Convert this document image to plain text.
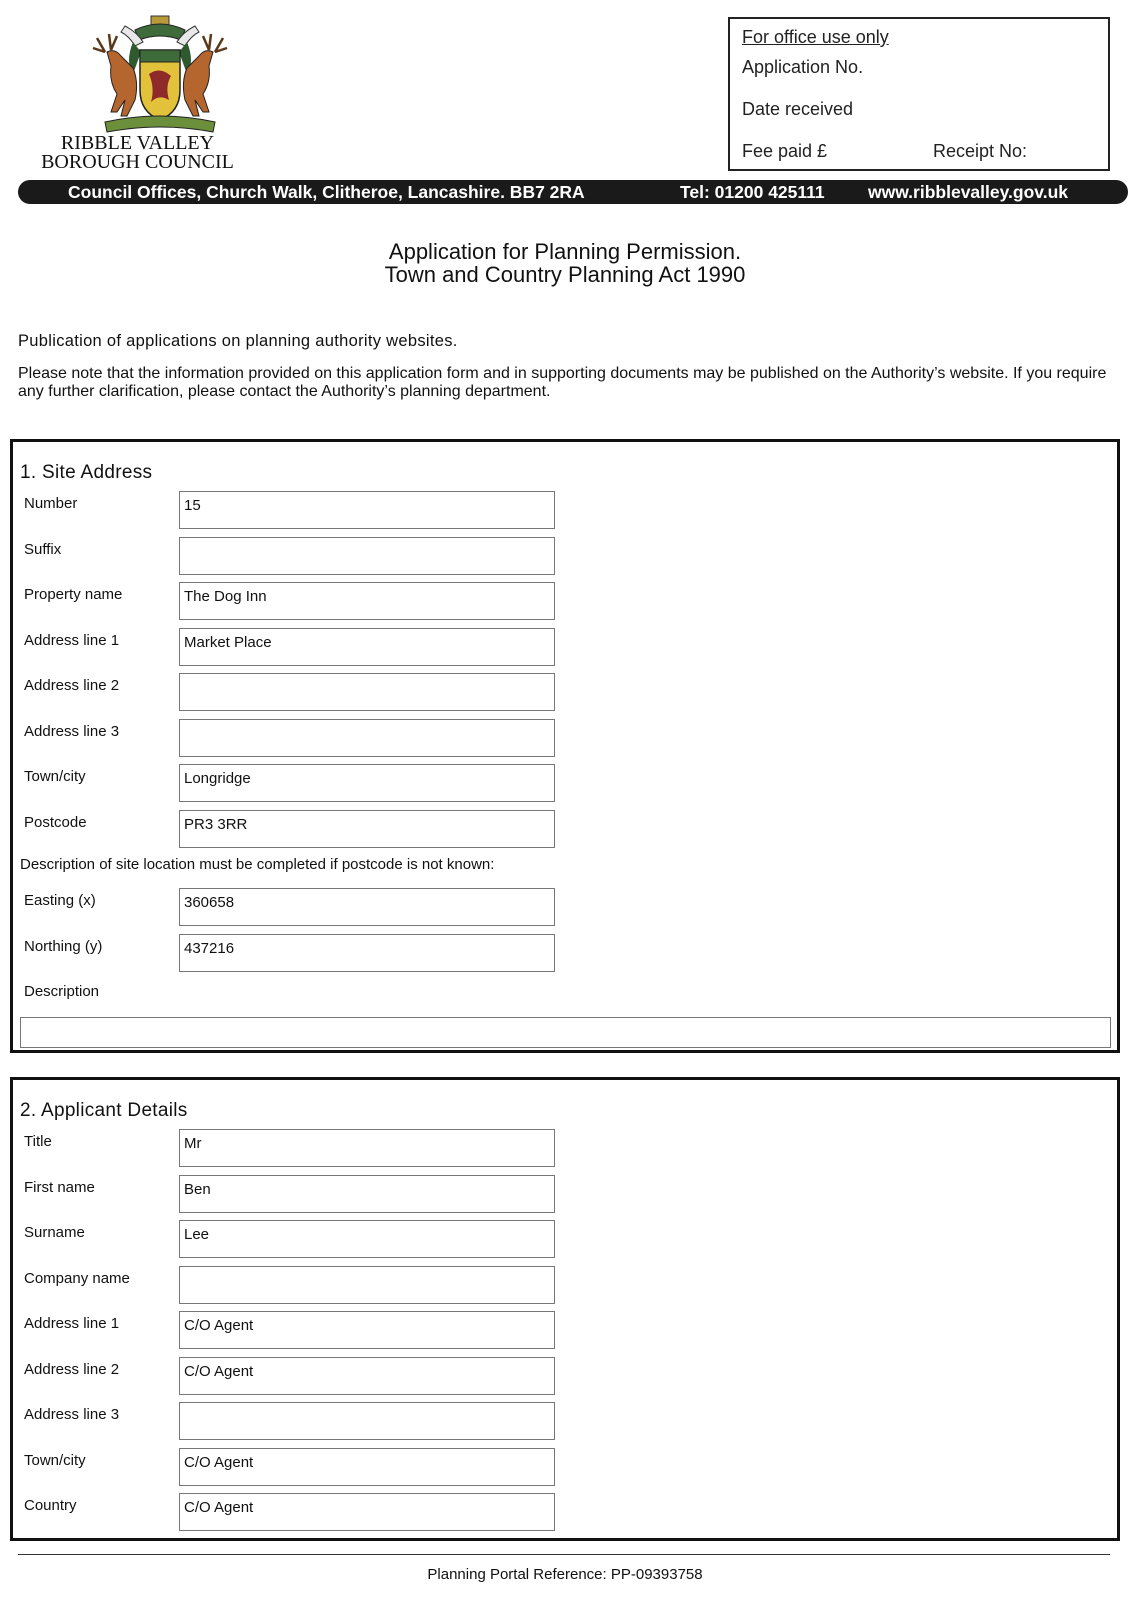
RIBBLE VALLEY
BOROUGH COUNCIL
For office use only
Application No.
Date received
Fee paid £	Receipt No:
Council Offices, Church Walk, Clitheroe, Lancashire. BB7 2RA	Tel: 01200 425111 www.ribblevalley.gov.uk
Application for Planning Permission.
Town and Country Planning Act 1990
Publication of applications on planning authority websites.
Please note that the information provided on this application form and in supporting documents may be published on the Authority’s website. If you require any further clarification, please contact the Authority’s planning department.
1. Site Address
Number	15
Suffix
Property name	The Dog Inn
Address line 1	Market Place
Address line 2
Address line 3
Town/city	Longridge
Postcode	PR3 3RR
Description of site location must be completed if postcode is not known:
Easting (x)	360658
Northing (y)	437216
Description
2. Applicant Details
Title	Mr
First name	Ben
Surname	Lee
Company name
Address line 1	C/O Agent
Address line 2	C/O Agent
Address line 3
Town/city	C/O Agent
Country	C/O Agent
Planning Portal Reference: PP-09393758
